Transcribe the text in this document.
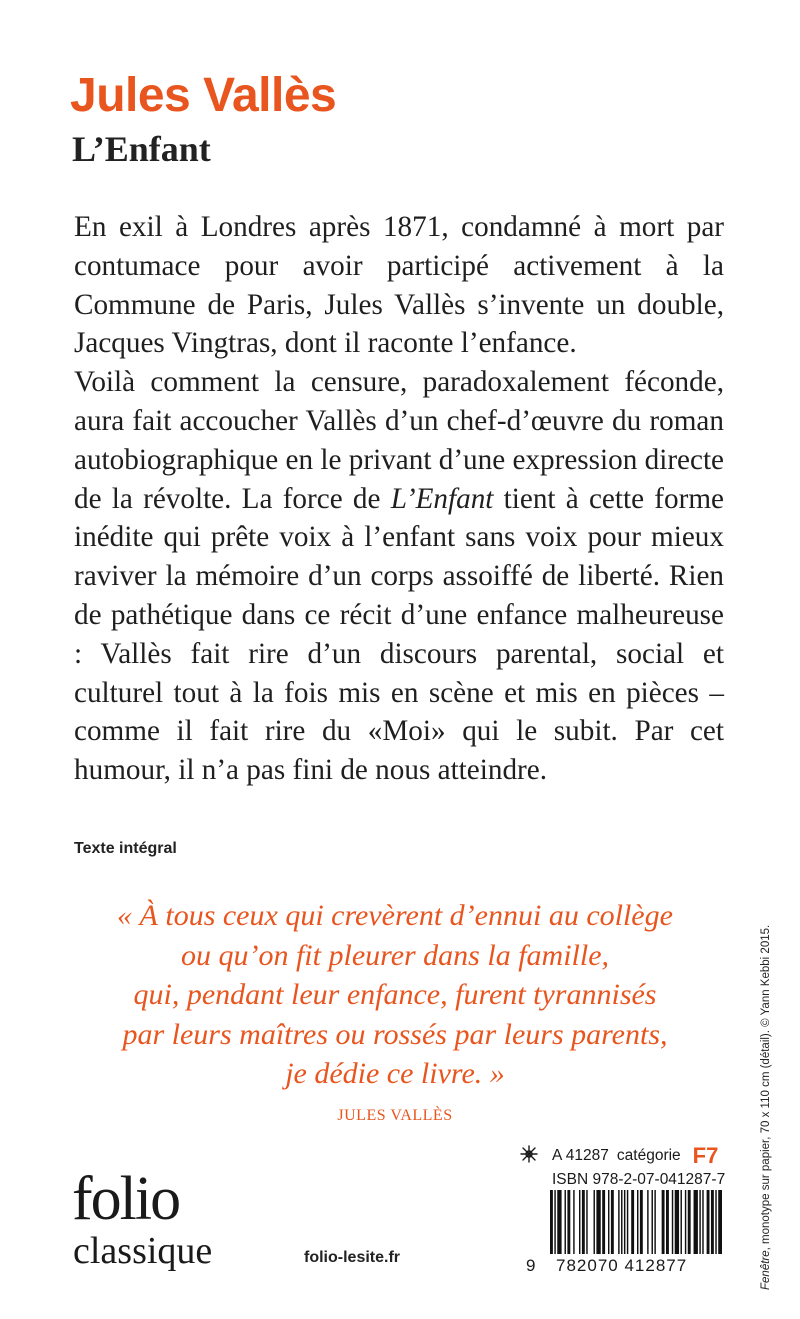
Jules Vallès
L’Enfant

En exil à Londres après 1871, condamné à mort par contumace pour avoir participé activement à la Commune de Paris, Jules Vallès s’invente un double, Jacques Vingtras, dont il raconte l’enfance.

Voilà comment la censure, paradoxalement féconde, aura fait accoucher Vallès d’un chef-d’œuvre du roman autobiographique en le privant d’une expression directe de la révolte. La force de L’Enfant tient à cette forme inédite qui prête voix à l’enfant sans voix pour mieux raviver la mémoire d’un corps assoiffé de liberté. Rien de pathétique dans ce récit d’une enfance malheureuse : Vallès fait rire d’un discours parental, social et culturel tout à la fois mis en scène et mis en pièces – comme il fait rire du «Moi» qui le subit. Par cet humour, il n’a pas fini de nous atteindre.

Texte intégral

« À tous ceux qui crevèrent d’ennui au collège
ou qu’on fit pleurer dans la famille,
qui, pendant leur enfance, furent tyrannisés
par leurs maîtres ou rossés par leurs parents,
je dédie ce livre. »
JULES VALLÈS
folio
classique	folio-lesite.fr
A 41287 catégorie F7
ISBN 978-2-07-041287-7
9 782070 412877	Fenêtre, monotype sur papier, 70 x 110 cm (détail). © Yann Kebbi 2015.
